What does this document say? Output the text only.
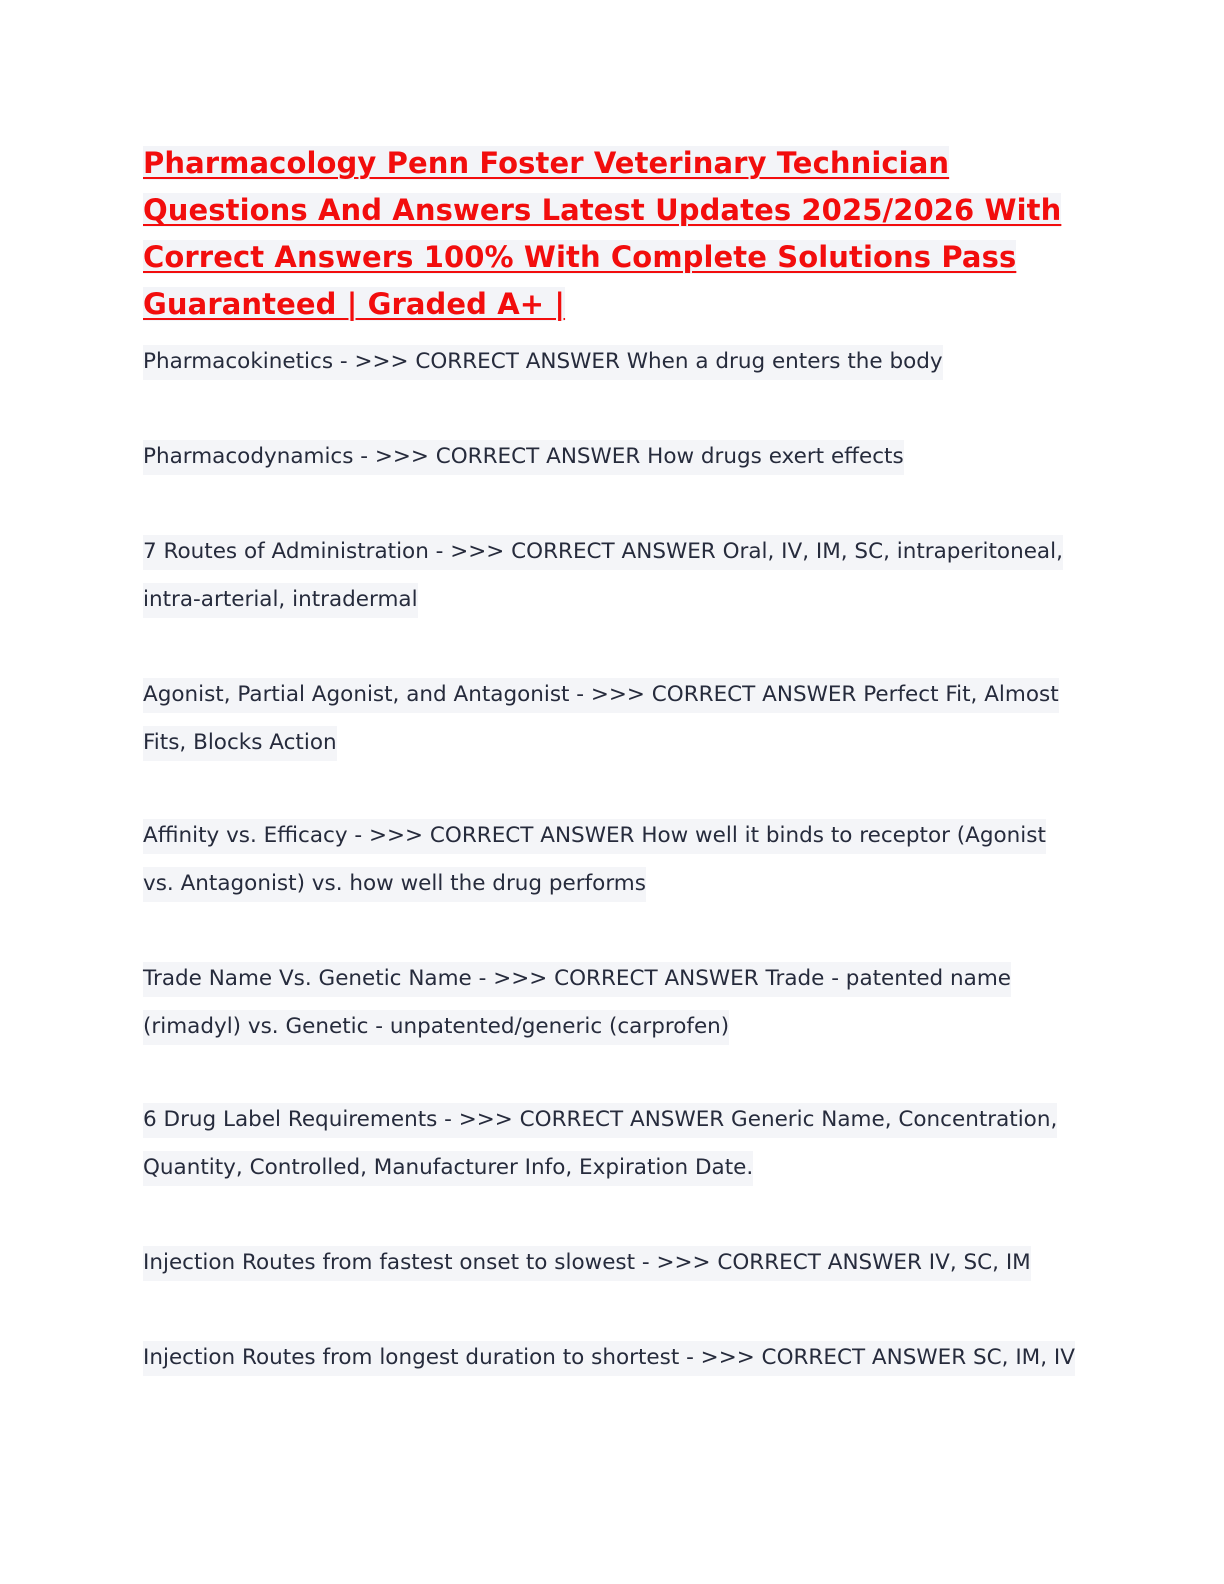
Pharmacology Penn Foster Veterinary Technician
Questions And Answers Latest Updates 2025/2026 With
Correct Answers 100% With Complete Solutions Pass
Guaranteed | Graded A+ |
Pharmacokinetics - >>> CORRECT ANSWER When a drug enters the body
Pharmacodynamics - >>> CORRECT ANSWER How drugs exert effects
7 Routes of Administration - >>> CORRECT ANSWER Oral, IV, IM, SC, intraperitoneal, intra-arterial, intradermal
Agonist, Partial Agonist, and Antagonist - >>> CORRECT ANSWER Perfect Fit, Almost Fits, Blocks Action
Affinity vs. Efficacy - >>> CORRECT ANSWER How well it binds to receptor (Agonist vs. Antagonist) vs. how well the drug performs
Trade Name Vs. Genetic Name - >>> CORRECT ANSWER Trade - patented name (rimadyl) vs. Genetic - unpatented/generic (carprofen)
6 Drug Label Requirements - >>> CORRECT ANSWER Generic Name, Concentration, Quantity, Controlled, Manufacturer Info, Expiration Date.
Injection Routes from fastest onset to slowest - >>> CORRECT ANSWER IV, SC, IM
Injection Routes from longest duration to shortest - >>> CORRECT ANSWER SC, IM, IV
